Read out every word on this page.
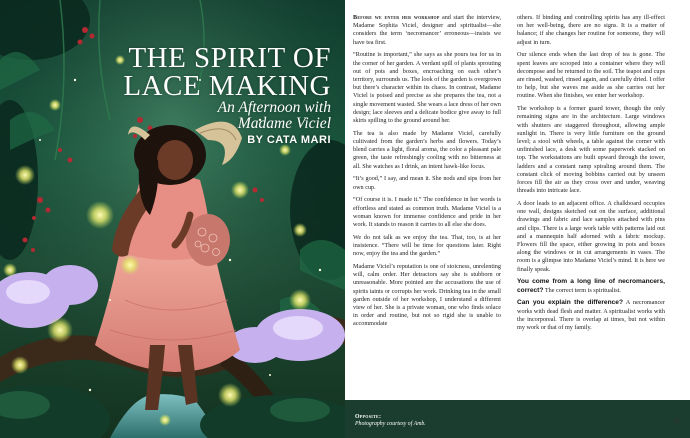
THE SPIRIT OF
LACE MAKING
An Afternoon with
Madame Viciel
BY CATA MARI

Before we enter her workshop and start the interview, Madame Sophita Viciel, designer and spiritualist—she considers the term ‘necromancer’ erroneous—insists we have tea first.

“Routine is important,” she says as she pours tea for us in the corner of her garden. A verdant spill of plants sprouting out of pots and boxes, encroaching on each other’s territory, surrounds us. The look of the garden is overgrown but there’s character within its chaos. In contrast, Madame Viciel is poised and precise as she prepares the tea, not a single movement wasted. She wears a lace dress of her own design; lace sleeves and a delicate bodice give away to full skirts spilling to the ground around her.

The tea is also made by Madame Viciel, carefully cultivated from the garden’s herbs and flowers. Today’s blend carries a light, floral aroma, the color a pleasant pale green, the taste refreshingly cooling with no bitterness at all. She watches as I drink, an intent hawk-like focus.

“It’s good,” I say, and mean it. She nods and sips from her own cup.

“Of course it is. I made it.” The confidence in her words is effortless and stated as common truth. Madame Viciel is a woman known for immense confidence and pride in her work. It stands to reason it carries to all else she does.

We do not talk as we enjoy the tea. That, too, is at her insistence. “There will be time for questions later. Right now, enjoy the tea and the garden.”

Madame Viciel’s reputation is one of stoicness, unrelenting will, calm order. Her detractors say she is stubborn or unreasonable. More pointed are the accusations the use of spirits taints or corrupts her work. Drinking tea in the small garden outside of her workshop, I understand a different view of her. She is a private woman, one who finds solace in order and routine, but not so rigid she is unable to accommodate

others. If binding and controlling spirits has any ill-effect on her well-being, there are no signs. It is a matter of balance; if she changes her routine for someone, they will adjust in turn.

Our silence ends when the last drop of tea is gone. The spent leaves are scooped into a container where they will decompose and be returned to the soil. The teapot and cups are rinsed, washed, rinsed again, and carefully dried. I offer to help, but she waves me aside as she carries out her routine. When she finishes, we enter her workshop.

The workshop is a former guard tower, though the only remaining signs are in the architecture. Large windows with shutters are staggered throughout, allowing ample sunlight in. There is very little furniture on the ground level; a stool with wheels, a table against the corner with unfinished lace, a desk with some paperwork stacked on top. The workstations are built upward through the tower, ladders and a constant ramp spiraling around them. The constant click of moving bobbins carried out by unseen forces fill the air as they cross over and under, weaving threads into intricate lace.

A door leads to an adjacent office. A chalkboard occupies one wall, designs sketched out on the surface, additional drawings and fabric and lace samples attached with pins and clips. There is a large work table with patterns laid out and a mannequin half adorned with a fabric mockup. Flowers fill the space, either growing in pots and boxes along the windows or in cut arrangements in vases. The room is a glimpse into Madame Viciel’s mind. It is here we finally speak.

You come from a long line of necromancers, correct? The correct term is spiritualist.

Can you explain the difference? A necromancer works with dead flesh and matter. A spiritualist works with the incorporeal. There is overlap at times, but not within my work or that of my family.

Opposite:
Photography courtesy of Amb.	30
